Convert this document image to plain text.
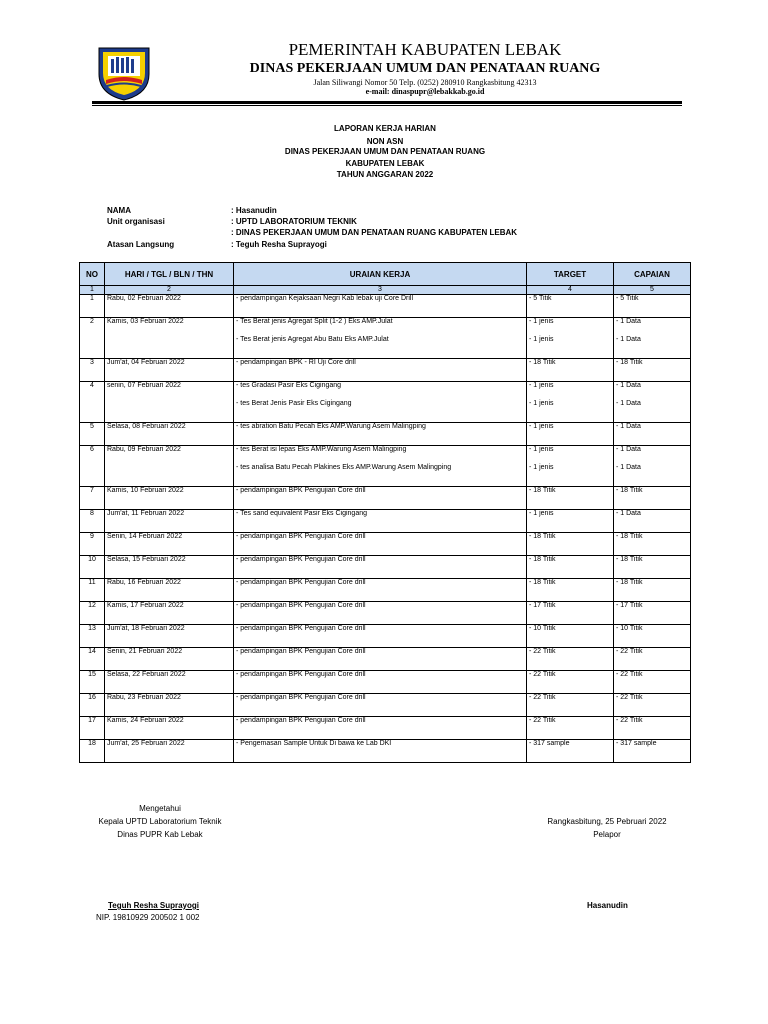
PEMERINTAH KABUPATEN LEBAK
DINAS PEKERJAAN UMUM DAN PENATAAN RUANG
Jalan Siliwangi Nomor 50 Telp. (0252) 280910 Rangkasbitung 42313
e-mail: dinaspupr@lebakkab.go.id
LAPORAN KERJA HARIAN
NON ASN
DINAS PEKERJAAN UMUM DAN PENATAAN RUANG
KABUPATEN LEBAK
TAHUN ANGGARAN 2022
NAMA	: Hasanudin
Unit organisasi	: UPTD LABORATORIUM TEKNIK
: DINAS PEKERJAAN UMUM DAN PENATAAN RUANG KABUPATEN LEBAK
Atasan Langsung	: Teguh Resha Suprayogi
NO	HARI / TGL / BLN / THN	URAIAN KERJA	TARGET	CAPAIAN
1	2	3	4	5
1	Rabu, 02 Februari 2022	- pendampingan Kejaksaan Negri Kab lebak uji Core Drill	- 5 Titik	- 5 Titik

2	Kamis, 03 Februari 2022	- Tes Berat jenis Agregat Split (1-2 ) Eks AMP.Julat	- 1 jenis	- 1 Data

		- Tes Berat jenis Agregat Abu Batu Eks AMP.Julat	- 1 jenis	- 1 Data

3	Jum'at, 04 Februari 2022	- pendampingan BPK - RI Uji Core drill	- 18 Titik	- 18 Titik

4	senin, 07 Februari 2022	- tes Gradasi Pasir Eks Cigingang	- 1 jenis	- 1 Data

		- tes Berat Jenis Pasir Eks Cigingang	- 1 jenis	- 1 Data

5	Selasa, 08 Februari 2022	- tes abration Batu Pecah Eks AMP.Warung Asem Malingping	- 1 jenis	- 1 Data

6	Rabu, 09 Februari 2022	- tes Berat isi lepas Eks AMP.Warung Asem Malingping	- 1 jenis	- 1 Data

		- tes analisa Batu Pecah Plakines Eks AMP.Warung Asem Malingping	- 1 jenis	- 1 Data

7	Kamis, 10 Februari 2022	- pendampingan BPK Pengujian Core drill	- 18 Titik	- 18 Titik

8	Jum'at, 11 Februari 2022	- Tes sand equivalent Pasir Eks Cigingang	- 1 jenis	- 1 Data

9	Senin, 14 Februari 2022	- pendampingan BPK Pengujian Core drill	- 18 Titik	- 18 Titik

10	Selasa, 15 Februari 2022	- pendampingan BPK Pengujian Core drill	- 18 Titik	- 18 Titik

11	Rabu, 16 Februari 2022	- pendampingan BPK Pengujian Core drill	- 18 Titik	- 18 Titik

12	Kamis, 17 Februari 2022	- pendampingan BPK Pengujian Core drill	- 17 Titik	- 17 Titik

13	Jum'at, 18 Februari 2022	- pendampingan BPK Pengujian Core drill	- 10 Titik	- 10 Titik

14	Senin, 21 Februari 2022	- pendampingan BPK Pengujian Core drill	- 22 Titik	- 22 Titik

15	Selasa, 22 Februari 2022	- pendampingan BPK Pengujian Core drill	- 22 Titik	- 22 Titik

16	Rabu, 23 Februari 2022	- pendampingan BPK Pengujian Core drill	- 22 Titik	- 22 Titik

17	Kamis, 24 Februari 2022	- pendampingan BPK Pengujian Core drill	- 22 Titik	- 22 Titik

18	Jum'at, 25 Februari 2022	- Pengemasan Sample Untuk Di bawa ke Lab DKI	- 317 sample	- 317 sample

Mengetahui
Kepala UPTD Laboratorium Teknik
Dinas PUPR Kab Lebak
Teguh Resha Suprayogi
NIP. 19810929 200502 1 002
Rangkasbitung, 25 Pebruari 2022
Pelapor
Hasanudin
